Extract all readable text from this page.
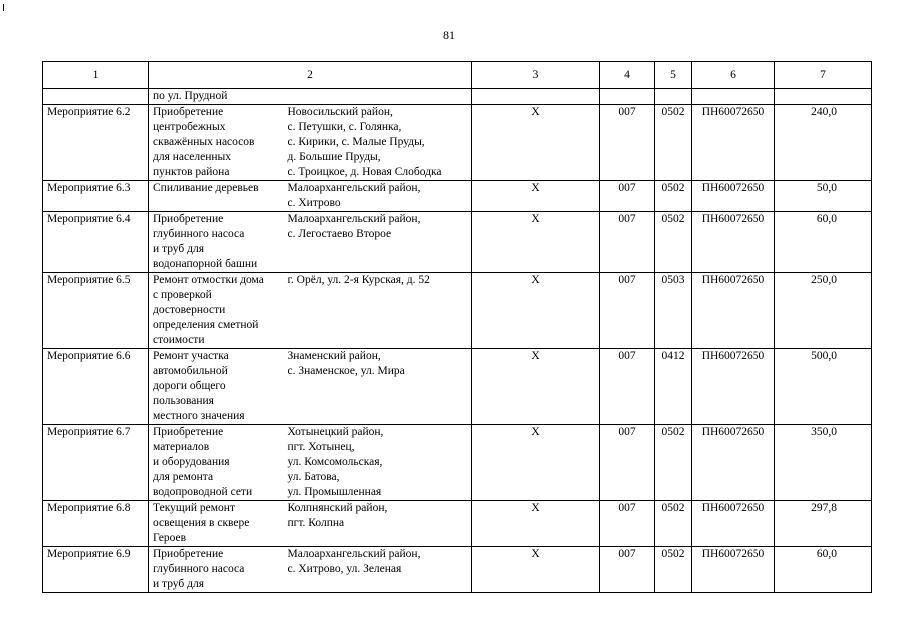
81
1	2		3	4	5	6	7
	по ул. Прудной						
Мероприятие 6.2	Приобретение
центробежных
скважённых насосов
для населенных
пунктов района	Новосильский район,
с. Петушки, с. Голянка,
с. Кирики, с. Малые Пруды,
д. Большие Пруды,
с. Троицкое, д. Новая Слободка	Х	007	0502	ПН60072650	240,0
Мероприятие 6.3	Спиливание деревьев	Малоархангельский район,
с. Хитрово	Х	007	0502	ПН60072650	50,0
Мероприятие 6.4	Приобретение
глубинного насоса
и труб для
водонапорной башни	Малоархангельский район,
с. Легостаево Второе	Х	007	0502	ПН60072650	60,0
Мероприятие 6.5	Ремонт отмостки дома
с проверкой
достоверности
определения сметной
стоимости	г. Орёл, ул. 2-я Курская, д. 52	Х	007	0503	ПН60072650	250,0
Мероприятие 6.6	Ремонт участка
автомобильной
дороги общего
пользования
местного значения	Знаменский район,
с. Знаменское, ул. Мира	Х	007	0412	ПН60072650	500,0
Мероприятие 6.7	Приобретение
материалов
и оборудования
для ремонта
водопроводной сети	Хотынецкий район,
пгт. Хотынец,
ул. Комсомольская,
ул. Батова,
ул. Промышленная	Х	007	0502	ПН60072650	350,0
Мероприятие 6.8	Текущий ремонт
освещения в сквере
Героев	Колпнянский район,
пгт. Колпна	Х	007	0502	ПН60072650	297,8
Мероприятие 6.9	Приобретение
глубинного насоса
и труб для	Малоархангельский район,
с. Хитрово, ул. Зеленая	Х	007	0502	ПН60072650	60,0
